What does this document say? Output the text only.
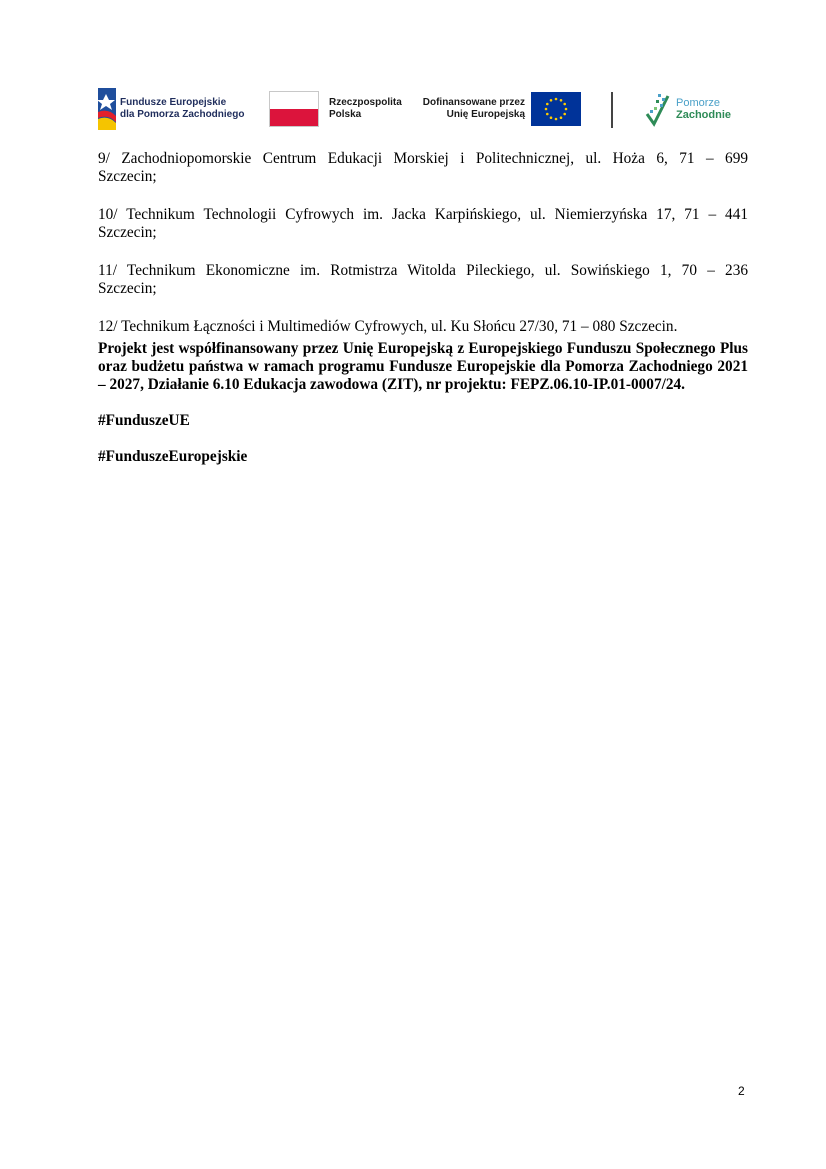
Fundusze Europejskie
dla Pomorza Zachodniego
Rzeczpospolita
Polska
Dofinansowane przez
Unię Europejską
Pomorze
Zachodnie

9/ Zachodniopomorskie Centrum Edukacji Morskiej i Politechnicznej, ul. Hoża 6, 71 – 699
Szczecin;

10/ Technikum Technologii Cyfrowych im. Jacka Karpińskiego, ul. Niemierzyńska 17, 71 – 441
Szczecin;

11/ Technikum Ekonomiczne im. Rotmistrza Witolda Pileckiego, ul. Sowińskiego 1, 70 – 236
Szczecin;

12/ Technikum Łączności i Multimediów Cyfrowych, ul. Ku Słońcu 27/30, 71 – 080 Szczecin.

Projekt jest współfinansowany przez Unię Europejską z Europejskiego Funduszu Społecznego Plus oraz budżetu państwa w ramach programu Fundusze Europejskie dla Pomorza Zachodniego 2021 – 2027, Działanie 6.10 Edukacja zawodowa (ZIT), nr projektu: FEPZ.06.10-IP.01-0007/24.

#FunduszeUE

#FunduszeEuropejskie

2
